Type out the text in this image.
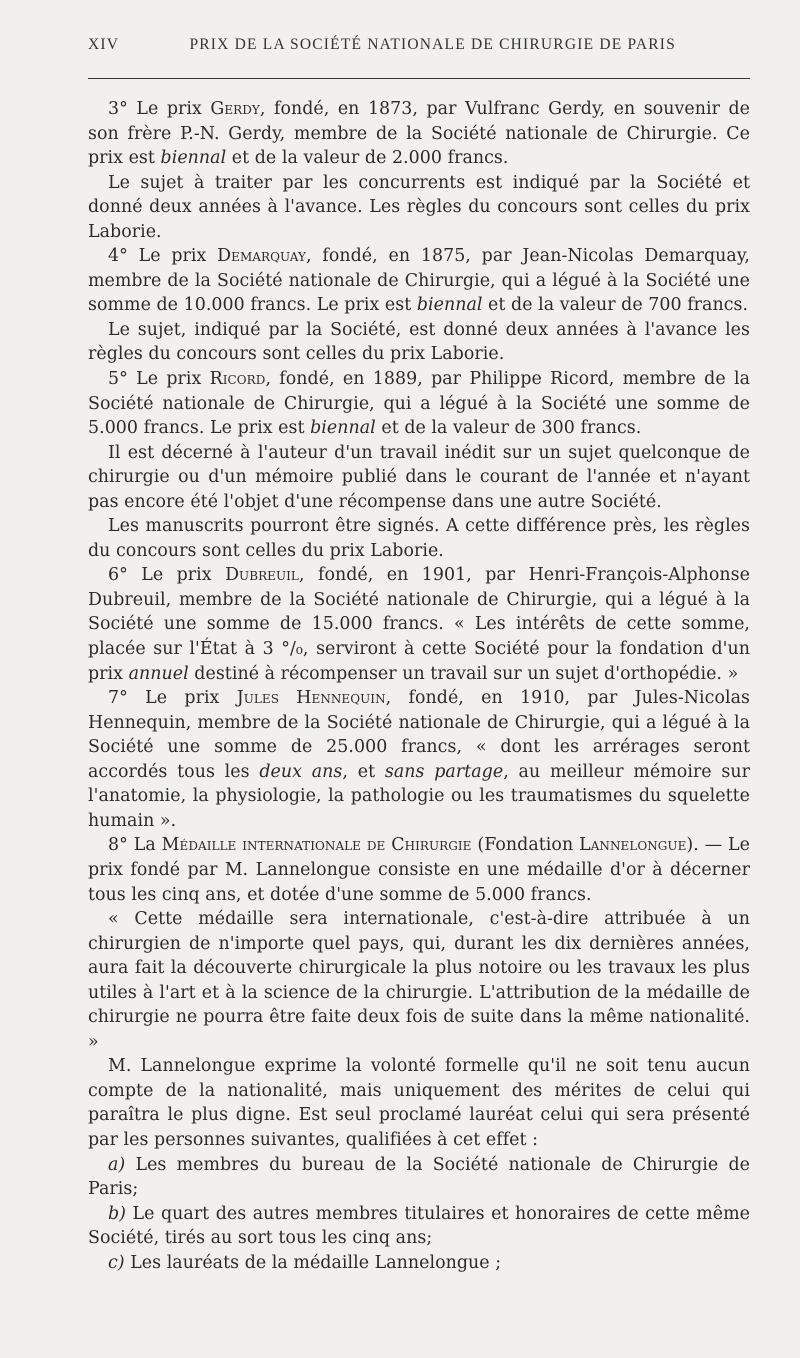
XIV	PRIX DE LA SOCIÉTÉ NATIONALE DE CHIRURGIE DE PARIS

3° Le prix Gerdy, fondé, en 1873, par Vulfranc Gerdy, en souvenir de son frère P.-N. Gerdy, membre de la Société nationale de Chirurgie. Ce prix est biennal et de la valeur de 2.000 francs.

Le sujet à traiter par les concurrents est indiqué par la Société et donné deux années à l'avance. Les règles du concours sont celles du prix Laborie.

4° Le prix Demarquay, fondé, en 1875, par Jean-Nicolas Demarquay, membre de la Société nationale de Chirurgie, qui a légué à la Société une somme de 10.000 francs. Le prix est biennal et de la valeur de 700 francs.

Le sujet, indiqué par la Société, est donné deux années à l'avance les règles du concours sont celles du prix Laborie.

5° Le prix Ricord, fondé, en 1889, par Philippe Ricord, membre de la Société nationale de Chirurgie, qui a légué à la Société une somme de 5.000 francs. Le prix est biennal et de la valeur de 300 francs.

Il est décerné à l'auteur d'un travail inédit sur un sujet quelconque de chirurgie ou d'un mémoire publié dans le courant de l'année et n'ayant pas encore été l'objet d'une récompense dans une autre Société.

Les manuscrits pourront être signés. A cette différence près, les règles du concours sont celles du prix Laborie.

6° Le prix Dubreuil, fondé, en 1901, par Henri-François-Alphonse Dubreuil, membre de la Société nationale de Chirurgie, qui a légué à la Société une somme de 15.000 francs. « Les intérêts de cette somme, placée sur l'État à 3 °/₀, serviront à cette Société pour la fondation d'un prix annuel destiné à récompenser un travail sur un sujet d'orthopédie. »

7° Le prix Jules Hennequin, fondé, en 1910, par Jules-Nicolas Hennequin, membre de la Société nationale de Chirurgie, qui a légué à la Société une somme de 25.000 francs, « dont les arrérages seront accordés tous les deux ans, et sans partage, au meilleur mémoire sur l'anatomie, la physiologie, la pathologie ou les traumatismes du squelette humain ».

8° La Médaille internationale de Chirurgie (Fondation Lannelongue). — Le prix fondé par M. Lannelongue consiste en une médaille d'or à décerner tous les cinq ans, et dotée d'une somme de 5.000 francs.

« Cette médaille sera internationale, c'est-à-dire attribuée à un chirurgien de n'importe quel pays, qui, durant les dix dernières années, aura fait la découverte chirurgicale la plus notoire ou les travaux les plus utiles à l'art et à la science de la chirurgie. L'attribution de la médaille de chirurgie ne pourra être faite deux fois de suite dans la même nationalité. »

M. Lannelongue exprime la volonté formelle qu'il ne soit tenu aucun compte de la nationalité, mais uniquement des mérites de celui qui paraîtra le plus digne. Est seul proclamé lauréat celui qui sera présenté par les personnes suivantes, qualifiées à cet effet :

a) Les membres du bureau de la Société nationale de Chirurgie de Paris;

b) Le quart des autres membres titulaires et honoraires de cette même Société, tirés au sort tous les cinq ans;

c) Les lauréats de la médaille Lannelongue ;
